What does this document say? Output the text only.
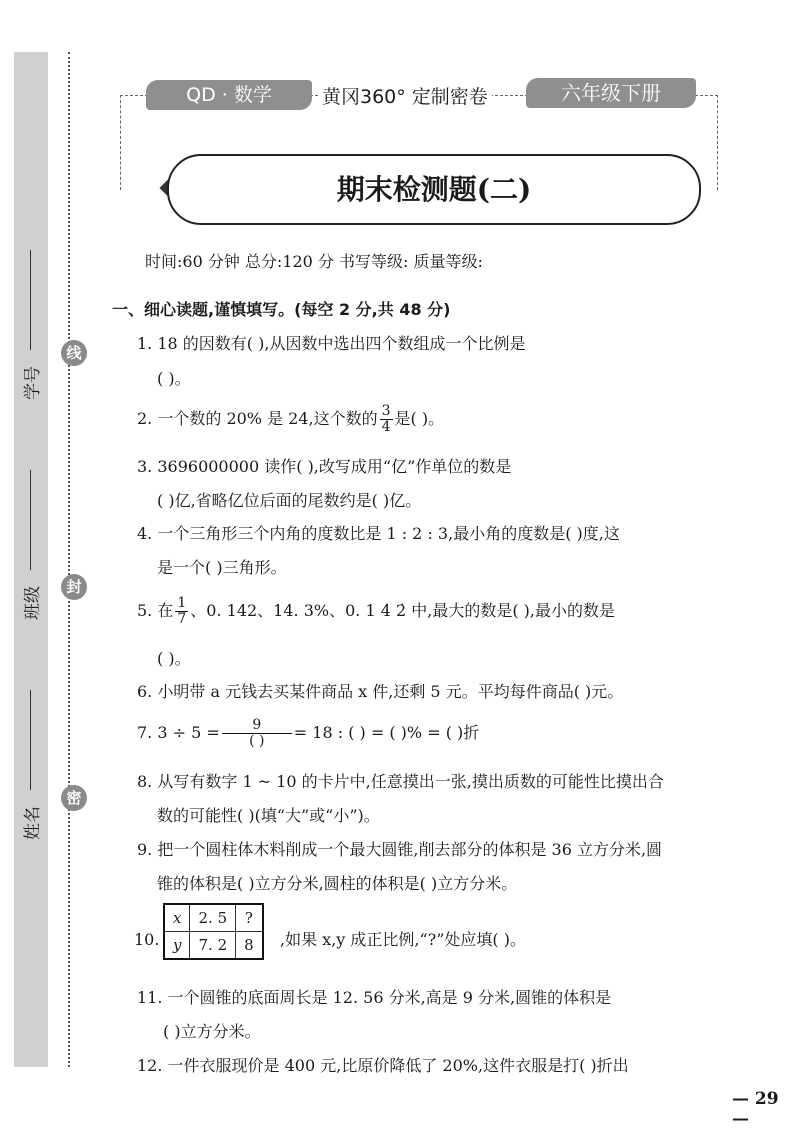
线
封
密
学号
班级
姓名
QD · 数学	黄冈360° 定制密卷	六年级下册
期末检测题(二)
时间:60 分钟 总分:120 分 书写等级: 质量等级:
一、细心读题,谨慎填写。(每空 2 分,共 48 分)
1. 18 的因数有( ),从因数中选出四个数组成一个比例是
( )。
2. 一个数的 20% 是 24,这个数的 $\frac{3}{4}$ 是( )。
3. 3696000000 读作( ),改写成用“亿”作单位的数是
( )亿,省略亿位后面的尾数约是( )亿。
4. 一个三角形三个内角的度数比是 1 : 2 : 3,最小角的度数是( )度,这
是一个( )三角形。
5. 在 $\frac{1}{7}$ 、0. 142、14. 3%、0. 1 4̇ 2̇ 中,最大的数是( ),最小的数是
( )。
6. 小明带 a 元钱去买某件商品 x 件,还剩 5 元。平均每件商品( )元。
7. $3 \div 5 = \frac{9}{( )} = 18$ : ( ) = ( )% = ( )折
8. 从写有数字 1 ~ 10 的卡片中,任意摸出一张,摸出质数的可能性比摸出合
数的可能性( )(填“大”或“小”)。
9. 把一个圆柱体木料削成一个最大圆锥,削去部分的体积是 36 立方分米,圆
锥的体积是( )立方分米,圆柱的体积是( )立方分米。
10.
x	2. 5	?
y	7. 2	8 ,如果 x,y 成正比例,“?”处应填( )。
11. 一个圆锥的底面周长是 12. 56 分米,高是 9 分米,圆锥的体积是
( )立方分米。
12. 一件衣服现价是 400 元,比原价降低了 20%,这件衣服是打( )折出
— 29 —
